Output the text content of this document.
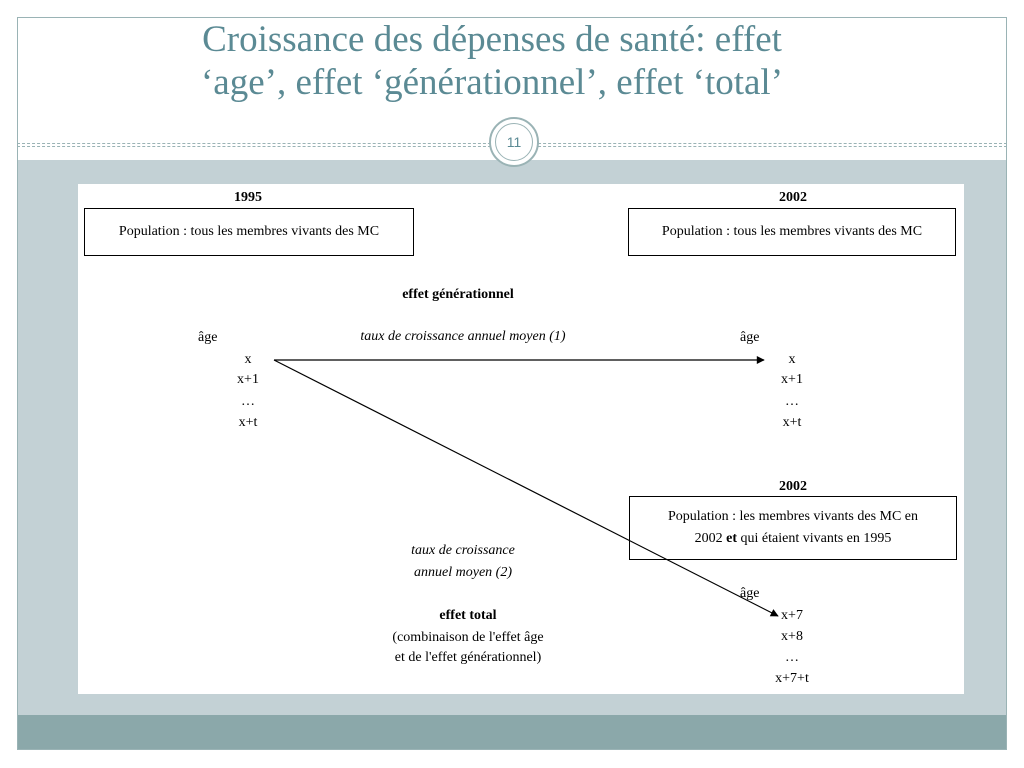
Croissance des dépenses de santé: effet
‘age’, effet ‘générationnel’, effet ‘total’
11
1995
Population : tous les membres vivants des MC
2002
Population : tous les membres vivants des MC
effet générationnel
âge	âge
taux de croissance annuel moyen (1)
x
x+1
…
x+t
x
x+1
…
x+t
2002
Population : les membres vivants des MC en
2002 et qui étaient vivants en 1995
taux de croissance
annuel moyen (2)
effet total
(combinaison de l'effet âge
et de l'effet générationnel)
âge
x+7
x+8
…
x+7+t
